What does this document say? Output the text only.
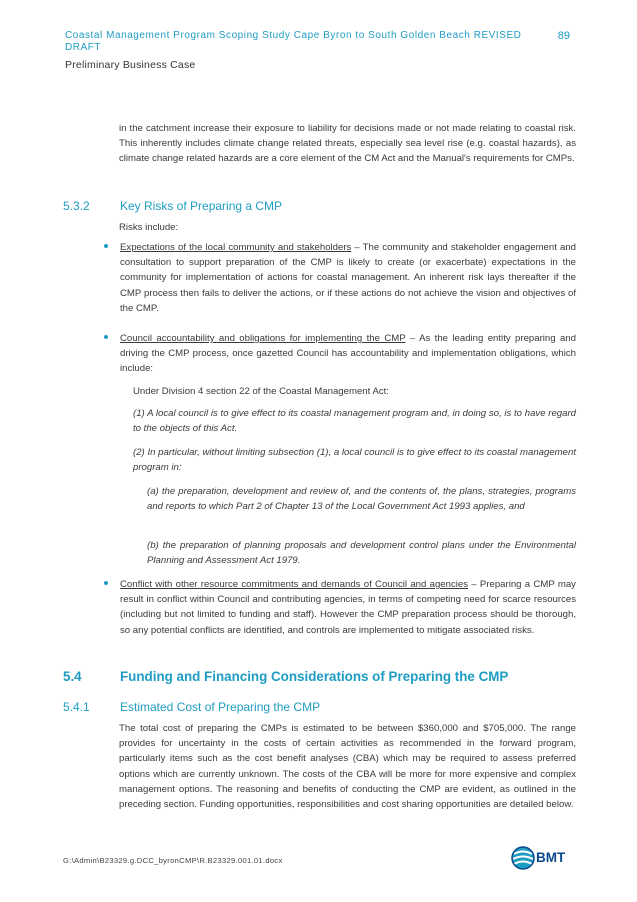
Coastal Management Program Scoping Study Cape Byron to South Golden Beach REVISED DRAFT
89
Preliminary Business Case
in the catchment increase their exposure to liability for decisions made or not made relating to coastal risk. This inherently includes climate change related threats, especially sea level rise (e.g. coastal hazards), as climate change related hazards are a core element of the CM Act and the Manual's requirements for CMPs.
5.3.2	Key Risks of Preparing a CMP
Risks include:
Expectations of the local community and stakeholders – The community and stakeholder engagement and consultation to support preparation of the CMP is likely to create (or exacerbate) expectations in the community for implementation of actions for coastal management. An inherent risk lays thereafter if the CMP process then fails to deliver the actions, or if these actions do not achieve the vision and objectives of the CMP.
Council accountability and obligations for implementing the CMP – As the leading entity preparing and driving the CMP process, once gazetted Council has accountability and implementation obligations, which include:
Under Division 4 section 22 of the Coastal Management Act:
(1) A local council is to give effect to its coastal management program and, in doing so, is to have regard to the objects of this Act.
(2) In particular, without limiting subsection (1), a local council is to give effect to its coastal management program in:
(a) the preparation, development and review of, and the contents of, the plans, strategies, programs and reports to which Part 2 of Chapter 13 of the Local Government Act 1993 applies, and
(b) the preparation of planning proposals and development control plans under the Environmental Planning and Assessment Act 1979.
Conflict with other resource commitments and demands of Council and agencies – Preparing a CMP may result in conflict within Council and contributing agencies, in terms of competing need for scarce resources (including but not limited to funding and staff). However the CMP preparation process should be thorough, so any potential conflicts are identified, and controls are implemented to mitigate associated risks.
5.4	Funding and Financing Considerations of Preparing the CMP
5.4.1	Estimated Cost of Preparing the CMP
The total cost of preparing the CMPs is estimated to be between $360,000 and $705,000. The range provides for uncertainty in the costs of certain activities as recommended in the forward program, particularly items such as the cost benefit analyses (CBA) which may be required to assess preferred options which are currently unknown. The costs of the CBA will be more for more expensive and complex management options. The reasoning and benefits of conducting the CMP are evident, as outlined in the preceding section. Funding opportunities, responsibilities and cost sharing opportunities are detailed below.
G:\Admin\B23329.g.DCC_byronCMP\R.B23329.001.01.docx	BMT
